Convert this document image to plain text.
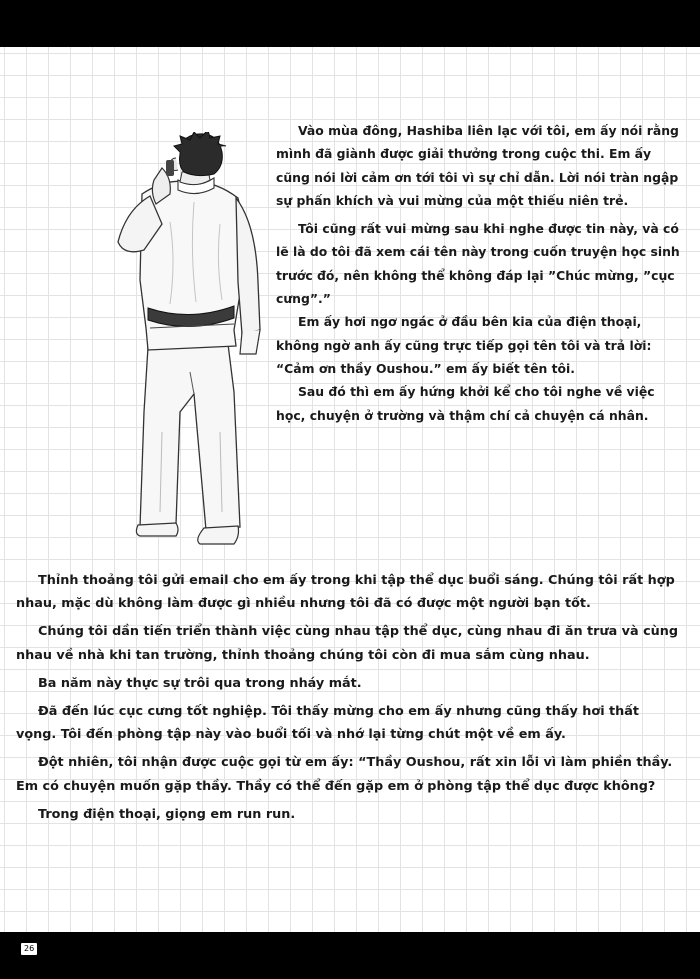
Vào mùa đông, Hashiba liên lạc với tôi, em ấy nói rằng mình đã giành được giải thưởng trong cuộc thi. Em ấy cũng nói lời cảm ơn tới tôi vì sự chỉ dẫn. Lời nói tràn ngập sự phấn khích và vui mừng của một thiếu niên trẻ.

Tôi cũng rất vui mừng sau khi nghe được tin này, và có lẽ là do tôi đã xem cái tên này trong cuốn truyện học sinh trước đó, nên không thể không đáp lại ”Chúc mừng, ”cục cưng”.”

Em ấy hơi ngơ ngác ở đầu bên kia của điện thoại, không ngờ anh ấy cũng trực tiếp gọi tên tôi và trả lời: “Cảm ơn thầy Oushou.” em ấy biết tên tôi.

Sau đó thì em ấy hứng khởi kể cho tôi nghe về việc học, chuyện ở trường và thậm chí cả chuyện cá nhân.

Thỉnh thoảng tôi gửi email cho em ấy trong khi tập thể dục buổi sáng. Chúng tôi rất hợp nhau, mặc dù không làm được gì nhiều nhưng tôi đã có được một người bạn tốt.

Chúng tôi dần tiến triển thành việc cùng nhau tập thể dục, cùng nhau đi ăn trưa và cùng nhau về nhà khi tan trường, thỉnh thoảng chúng tôi còn đi mua sắm cùng nhau.

Ba năm này thực sự trôi qua trong nháy mắt.

Đã đến lúc cục cưng tốt nghiệp. Tôi thấy mừng cho em ấy nhưng cũng thấy hơi thất vọng. Tôi đến phòng tập này vào buổi tối và nhớ lại từng chút một về em ấy.

Đột nhiên, tôi nhận được cuộc gọi từ em ấy: “Thầy Oushou, rất xin lỗi vì làm phiền thầy. Em có chuyện muốn gặp thầy. Thầy có thể đến gặp em ở phòng tập thể dục được không?

Trong điện thoại, giọng em run run.

26
